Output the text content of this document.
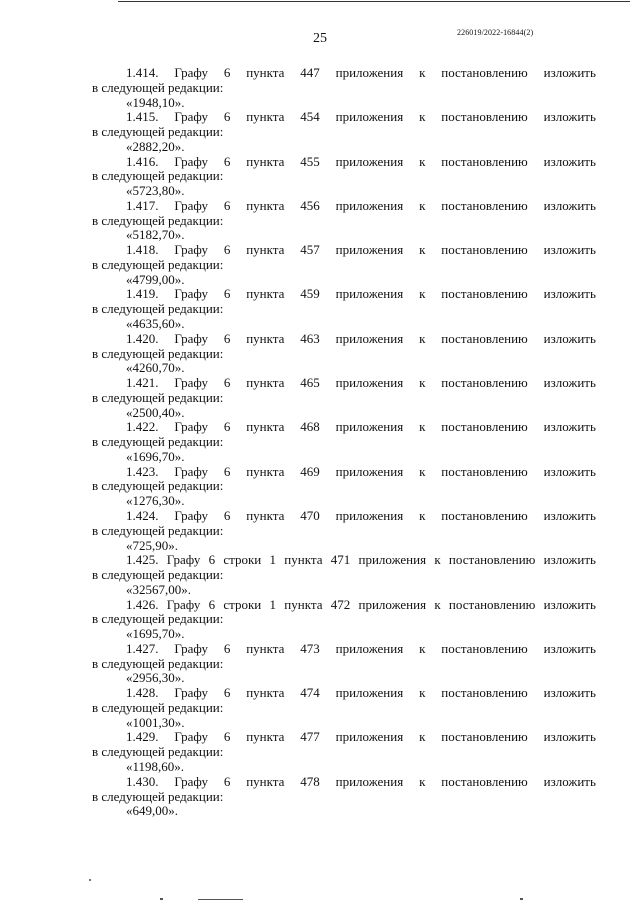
25	226019/2022-16844(2)
1.414. Графу 6 пункта 447 приложения к постановлению изложить
в следующей редакции:
«1948,10».
1.415. Графу 6 пункта 454 приложения к постановлению изложить
в следующей редакции:
«2882,20».
1.416. Графу 6 пункта 455 приложения к постановлению изложить
в следующей редакции:
«5723,80».
1.417. Графу 6 пункта 456 приложения к постановлению изложить
в следующей редакции:
«5182,70».
1.418. Графу 6 пункта 457 приложения к постановлению изложить
в следующей редакции:
«4799,00».
1.419. Графу 6 пункта 459 приложения к постановлению изложить
в следующей редакции:
«4635,60».
1.420. Графу 6 пункта 463 приложения к постановлению изложить
в следующей редакции:
«4260,70».
1.421. Графу 6 пункта 465 приложения к постановлению изложить
в следующей редакции:
«2500,40».
1.422. Графу 6 пункта 468 приложения к постановлению изложить
в следующей редакции:
«1696,70».
1.423. Графу 6 пункта 469 приложения к постановлению изложить
в следующей редакции:
«1276,30».
1.424. Графу 6 пункта 470 приложения к постановлению изложить
в следующей редакции:
«725,90».
1.425. Графу 6 строки 1 пункта 471 приложения к постановлению изложить
в следующей редакции:
«32567,00».
1.426. Графу 6 строки 1 пункта 472 приложения к постановлению изложить
в следующей редакции:
«1695,70».
1.427. Графу 6 пункта 473 приложения к постановлению изложить
в следующей редакции:
«2956,30».
1.428. Графу 6 пункта 474 приложения к постановлению изложить
в следующей редакции:
«1001,30».
1.429. Графу 6 пункта 477 приложения к постановлению изложить
в следующей редакции:
«1198,60».
1.430. Графу 6 пункта 478 приложения к постановлению изложить
в следующей редакции:
«649,00».
